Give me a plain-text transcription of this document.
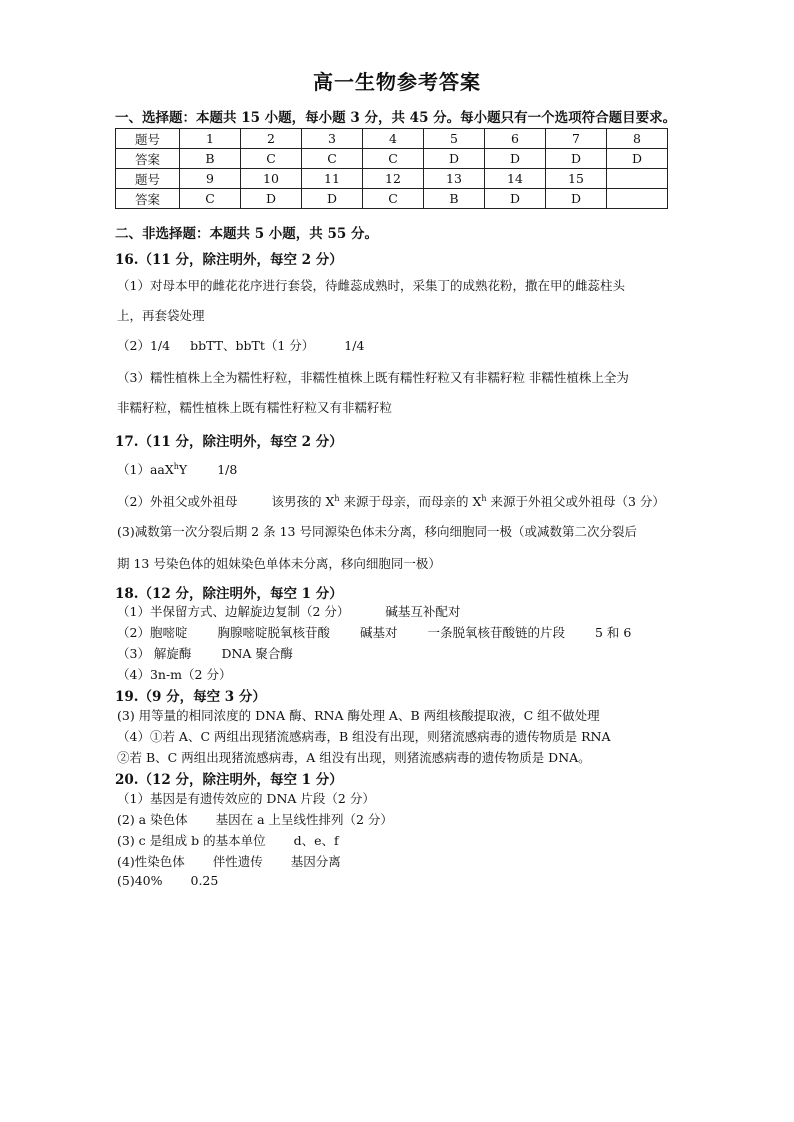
高一生物参考答案
一、选择题：本题共 15 小题，每小题 3 分，共 45 分。每小题只有一个选项符合题目要求。
题号	1	2	3	4	5	6	7	8
答案	B	C	C	C	D	D	D	D
题号	9	10	11	12	13	14	15	
答案	C	D	D	C	B	D	D	
二、非选择题：本题共 5 小题，共 55 分。
16.（11 分，除注明外，每空 2 分）
（1）对母本甲的雌花花序进行套袋，待雌蕊成熟时，采集丁的成熟花粉，撒在甲的雌蕊柱头
上，再套袋处理
（2）1/4 bbTT、bbTt（1 分） 1/4
（3）糯性植株上全为糯性籽粒，非糯性植株上既有糯性籽粒又有非糯籽粒 非糯性植株上全为
非糯籽粒，糯性植株上既有糯性籽粒又有非糯籽粒
17.（11 分，除注明外，每空 2 分）
（1）aaX$^h$Y 1/8
（2）外祖父或外祖母	该男孩的 $X^h$ 来源于母亲，而母亲的 $X^h$ 来源于外祖父或外祖母（3 分）
(3)减数第一次分裂后期 2 条 13 号同源染色体未分离，移向细胞同一极（或减数第二次分裂后
期 13 号染色体的姐妹染色单体未分离，移向细胞同一极）
18.（12 分，除注明外，每空 1 分）
（1）半保留方式、边解旋边复制（2 分）	碱基互补配对
（2）胞嘧啶 胸腺嘧啶脱氧核苷酸 碱基对 一条脱氧核苷酸链的片段 5 和 6
（3） 解旋酶 DNA 聚合酶
（4）3n-m（2 分）
19.（9 分，每空 3 分）
(3) 用等量的相同浓度的 DNA 酶、RNA 酶处理 A、B 两组核酸提取液，C 组不做处理
（4）①若 A、C 两组出现猪流感病毒，B 组没有出现，则猪流感病毒的遗传物质是 RNA
②若 B、C 两组出现猪流感病毒，A 组没有出现，则猪流感病毒的遗传物质是 DNA。
20.（12 分，除注明外，每空 1 分）
（1）基因是有遗传效应的 DNA 片段（2 分）
(2) a 染色体 基因在 a 上呈线性排列（2 分）
(3) c 是组成 b 的基本单位 d、e、f
(4)性染色体 伴性遗传 基因分离
(5)40% 0.25
